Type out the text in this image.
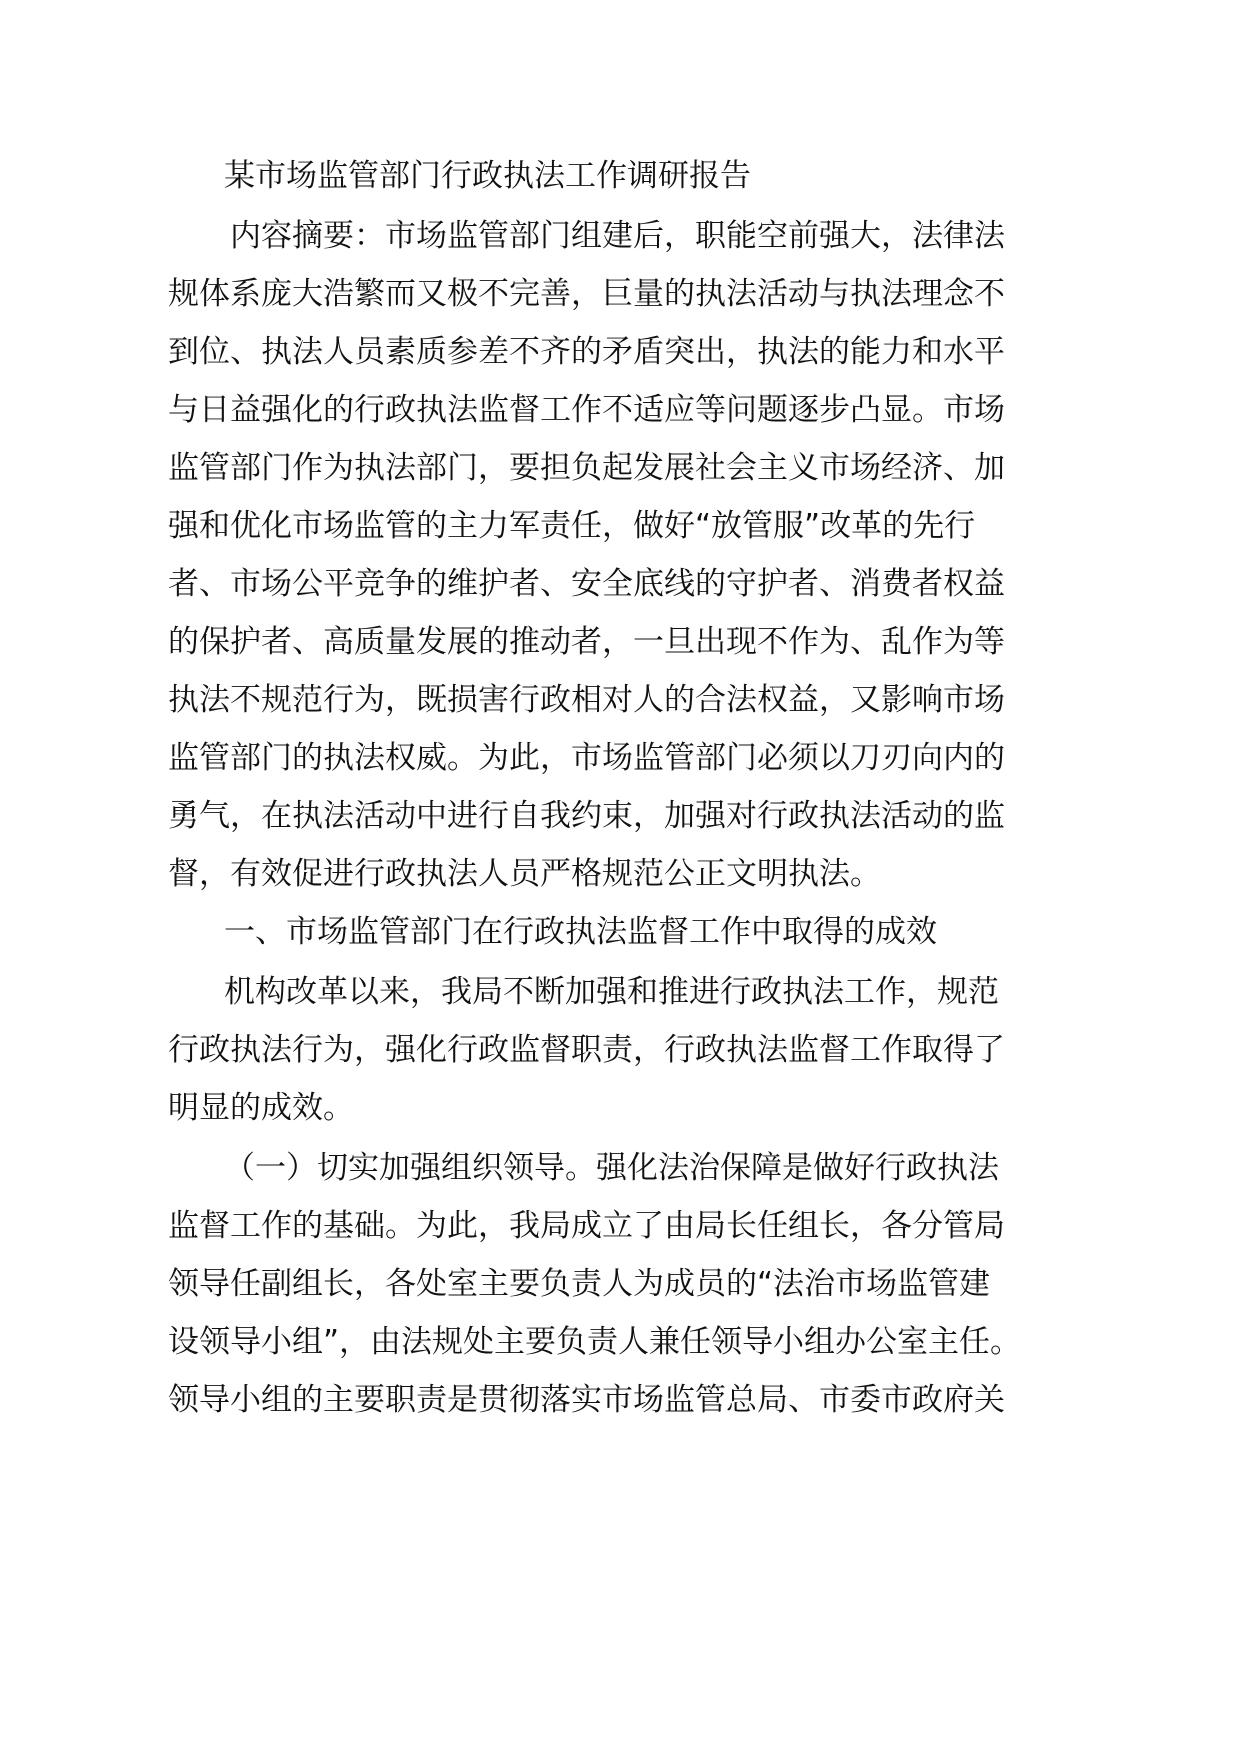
某市场监管部门行政执法工作调研报告

内容摘要：市场监管部门组建后，职能空前强大，法律法

规体系庞大浩繁而又极不完善，巨量的执法活动与执法理念不

到位、执法人员素质参差不齐的矛盾突出，执法的能力和水平

与日益强化的行政执法监督工作不适应等问题逐步凸显。市场

监管部门作为执法部门，要担负起发展社会主义市场经济、加

强和优化市场监管的主力军责任，做好“放管服”改革的先行

者、市场公平竞争的维护者、安全底线的守护者、消费者权益

的保护者、高质量发展的推动者，一旦出现不作为、乱作为等

执法不规范行为，既损害行政相对人的合法权益，又影响市场

监管部门的执法权威。为此，市场监管部门必须以刀刃向内的

勇气，在执法活动中进行自我约束，加强对行政执法活动的监

督，有效促进行政执法人员严格规范公正文明执法。

一、市场监管部门在行政执法监督工作中取得的成效

机构改革以来，我局不断加强和推进行政执法工作，规范

行政执法行为，强化行政监督职责，行政执法监督工作取得了

明显的成效。

（一）切实加强组织领导。强化法治保障是做好行政执法

监督工作的基础。为此，我局成立了由局长任组长，各分管局

领导任副组长，各处室主要负责人为成员的“法治市场监管建

设领导小组”，由法规处主要负责人兼任领导小组办公室主任。

领导小组的主要职责是贯彻落实市场监管总局、市委市政府关
